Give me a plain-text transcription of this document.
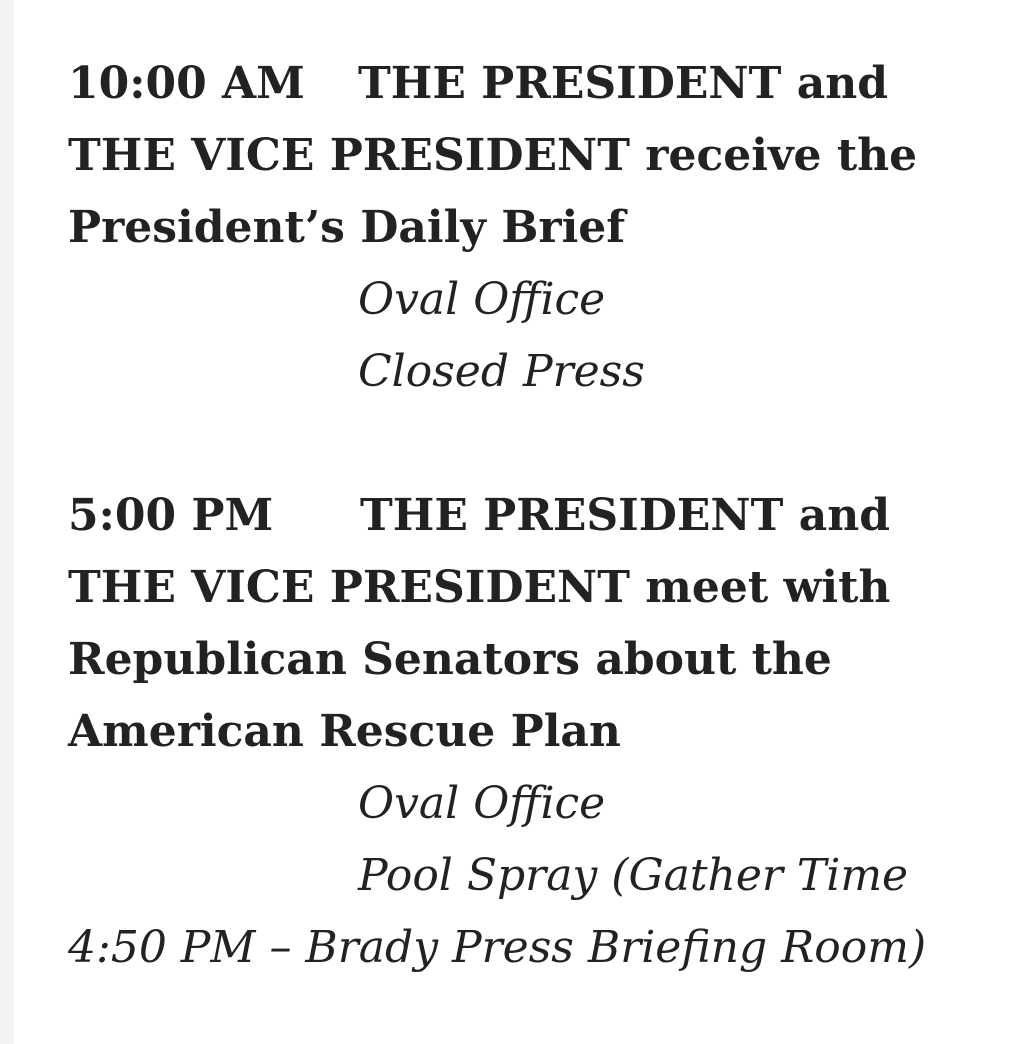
10:00 AM THE PRESIDENT and
THE VICE PRESIDENT receive the
President’s Daily Brief
Oval Office
Closed Press
5:00 PM THE PRESIDENT and
THE VICE PRESIDENT meet with
Republican Senators about the
American Rescue Plan
Oval Office
Pool Spray (Gather Time
4:50 PM – Brady Press Briefing Room)
